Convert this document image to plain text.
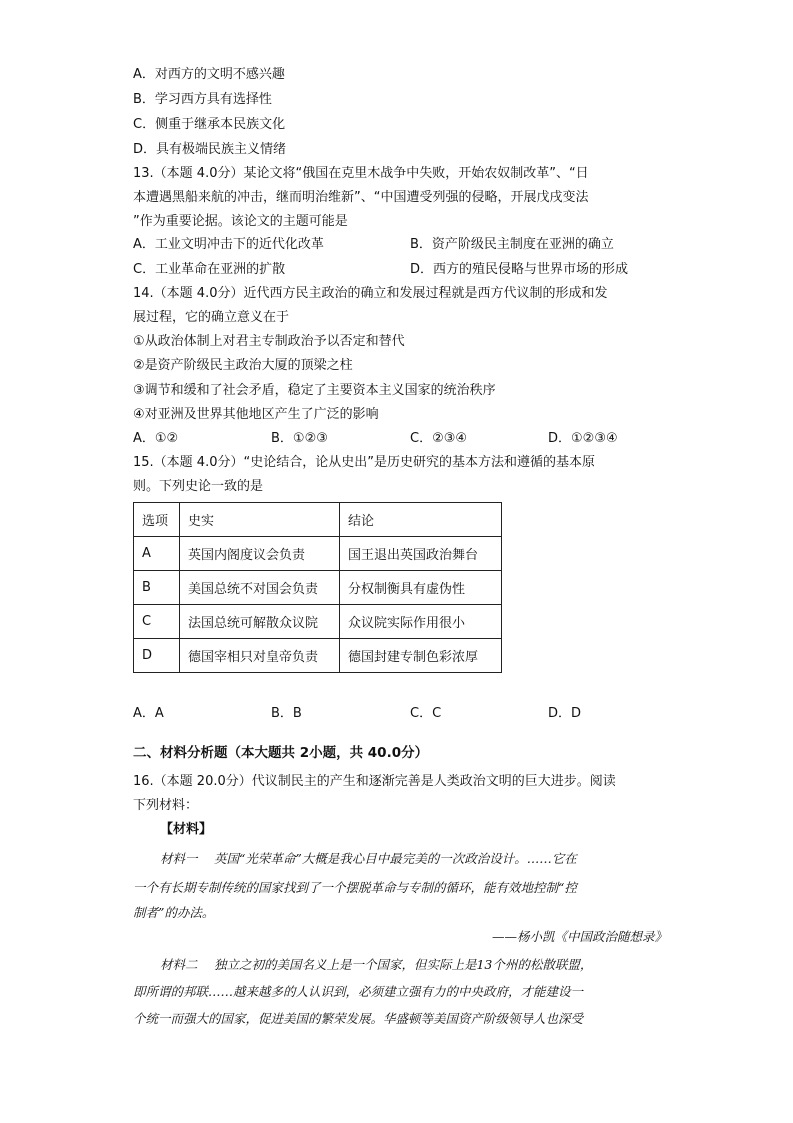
A．对西方的文明不感兴趣
B．学习西方具有选择性
C．侧重于继承本民族文化
D．具有极端民族主义情绪
13.（本题 4.0分）某论文将“俄国在克里木战争中失败，开始农奴制改革”、“日
本遭遇黑船来航的冲击，继而明治维新”、“中国遭受列强的侵略，开展戊戌变法
”作为重要论据。该论文的主题可能是
A．工业文明冲击下的近代化改革	B．资产阶级民主制度在亚洲的确立
C．工业革命在亚洲的扩散	D．西方的殖民侵略与世界市场的形成
14.（本题 4.0分）近代西方民主政治的确立和发展过程就是西方代议制的形成和发
展过程，它的确立意义在于
①从政治体制上对君主专制政治予以否定和替代
②是资产阶级民主政治大厦的顶梁之柱
③调节和缓和了社会矛盾，稳定了主要资本主义国家的统治秩序
④对亚洲及世界其他地区产生了广泛的影响
A．①②	B．①②③	C．②③④	D．①②③④
15.（本题 4.0分）“史论结合，论从史出”是历史研究的基本方法和遵循的基本原
则。下列史论一致的是
选项	史实	结论
A	英国内阁度议会负责	国王退出英国政治舞台
B	美国总统不对国会负责	分权制衡具有虚伪性
C	法国总统可解散众议院	众议院实际作用很小
D	德国宰相只对皇帝负责	德国封建专制色彩浓厚
A．A	B．B	C．C	D．D
二、材料分析题（本大题共 2小题，共 40.0分）
16.（本题 20.0分）代议制民主的产生和逐渐完善是人类政治文明的巨大进步。阅读
下列材料：
【材料】
材料一　 英国“光荣革命”大概是我心目中最完美的一次政治设计。……它在
一个有长期专制传统的国家找到了一个摆脱革命与专制的循环，能有效地控制“控
制者”的办法。
——杨小凯《中国政治随想录》
材料二　 独立之初的美国名义上是一个国家，但实际上是13个州的松散联盟，
即所谓的邦联……越来越多的人认识到，必须建立强有力的中央政府，才能建设一
个统一而强大的国家，促进美国的繁荣发展。华盛顿等美国资产阶级领导人也深受
